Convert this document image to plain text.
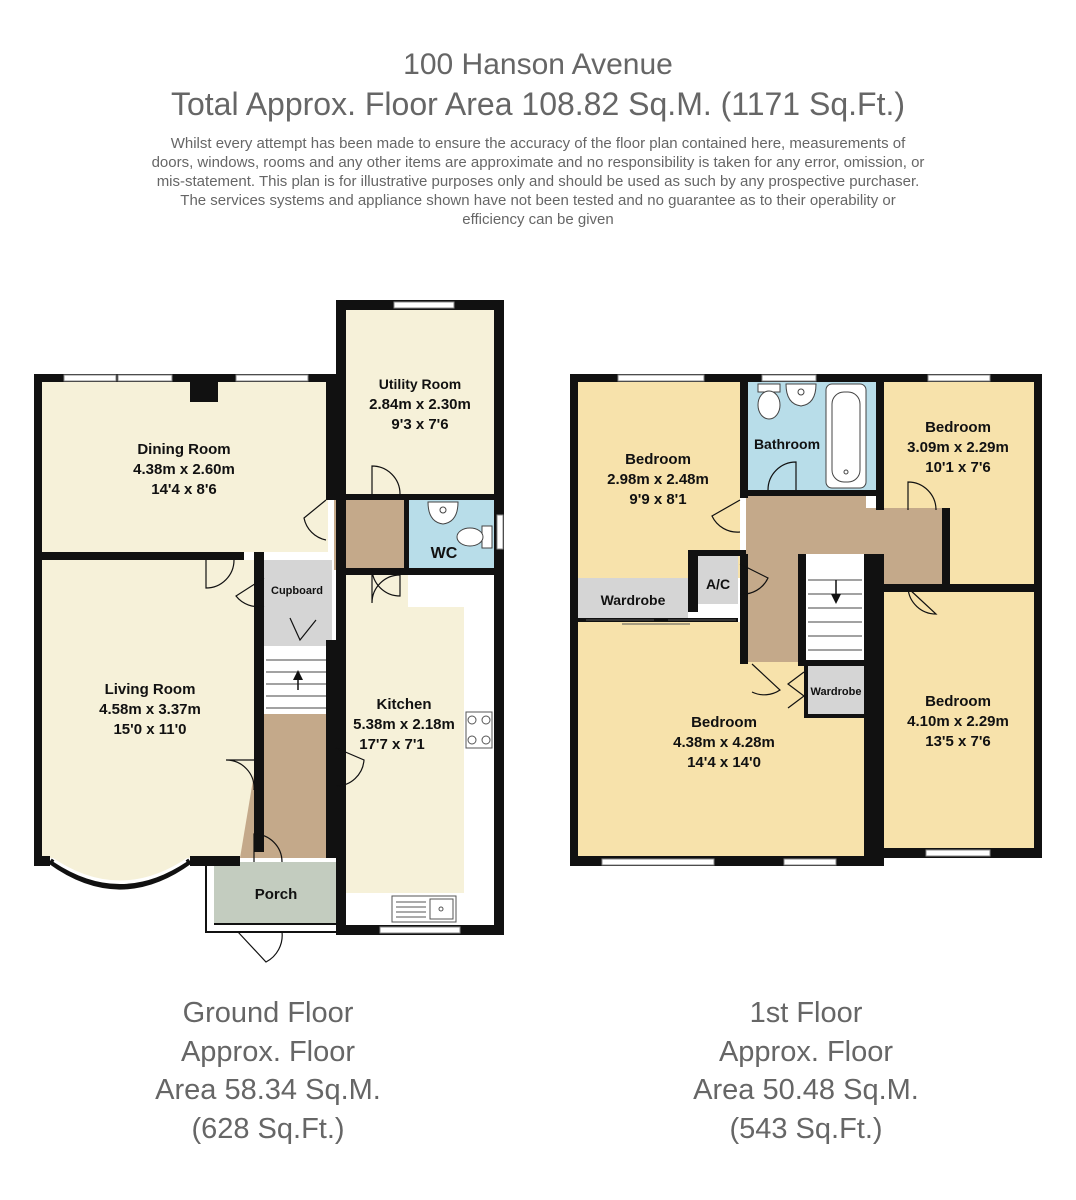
100 Hanson Avenue
Total Approx. Floor Area 108.82 Sq.M. (1171 Sq.Ft.)
Whilst every attempt has been made to ensure the accuracy of the floor plan contained here, measurements of doors, windows, rooms and any other items are approximate and no responsibility is taken for any error, omission, or mis-statement. This plan is for illustrative purposes only and should be used as such by any prospective purchaser. The services systems and appliance shown have not been tested and no guarantee as to their operability or efficiency can be given
Dining Room 4.38m x 2.60m 14'4 x 8'6
Living Room 4.58m x 3.37m 15'0 x 11'0
Utility Room 2.84m x 2.30m 9'3 x 7'6
Kitchen 5.38m x 2.18m 17'7 x 7'1
WC
Cupboard
Porch
Bedroom 2.98m x 2.48m 9'9 x 8'1
Bathroom
Bedroom 3.09m x 2.29m 10'1 x 7'6
Bedroom 4.38m x 4.28m 14'4 x 14'0
Bedroom 4.10m x 2.29m 13'5 x 7'6
Wardrobe
A/C
Wardrobe
Ground Floor
Approx. Floor
Area 58.34 Sq.M.
(628 Sq.Ft.)
1st Floor
Approx. Floor
Area 50.48 Sq.M.
(543 Sq.Ft.)
